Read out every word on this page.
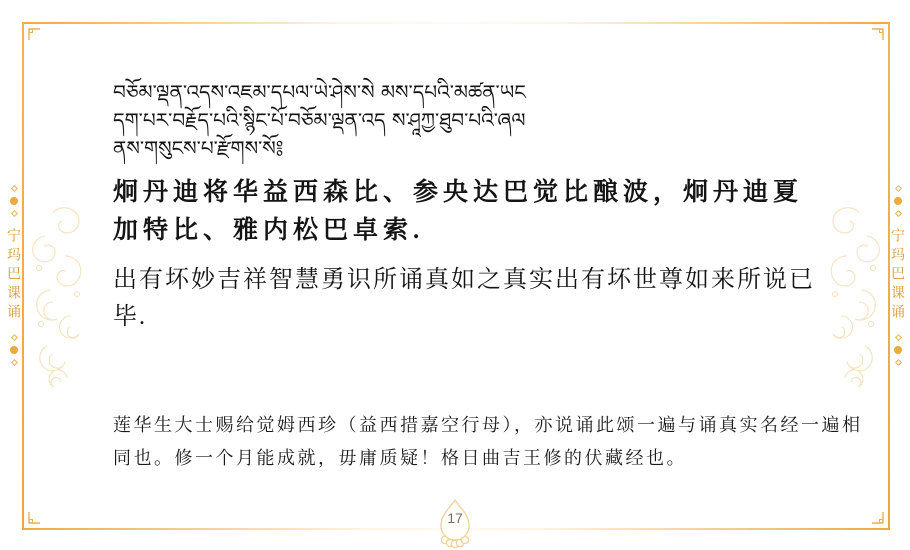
宁玛巴课诵	宁玛巴课诵
བཅོམ་ལྡན་འདས་འཇམ་དཔལ་ཡེ་ཤེས་སེ མས་དཔའི་མཚན་ཡང
དག་པར་བརྗོད་པའི་སྙིང་པོ་བཅོམ་ལྡན་འད ས་ཤཱཀྱ་ཐུབ་པའི་ཞལ
ནས་གསུངས་པ་རྫོགས་སོ༔
炯丹迪将华益西森比、参央达巴觉比酿波，炯丹迪夏加特比、雅内松巴卓索.
出有坏妙吉祥智慧勇识所诵真如之真实出有坏世尊如来所说已毕.
莲华生大士赐给觉姆西珍（益西措嘉空行母），亦说诵此颂一遍与诵真实名经一遍相同也。修一个月能成就，毋庸质疑！格日曲吉王修的伏藏经也。
17
